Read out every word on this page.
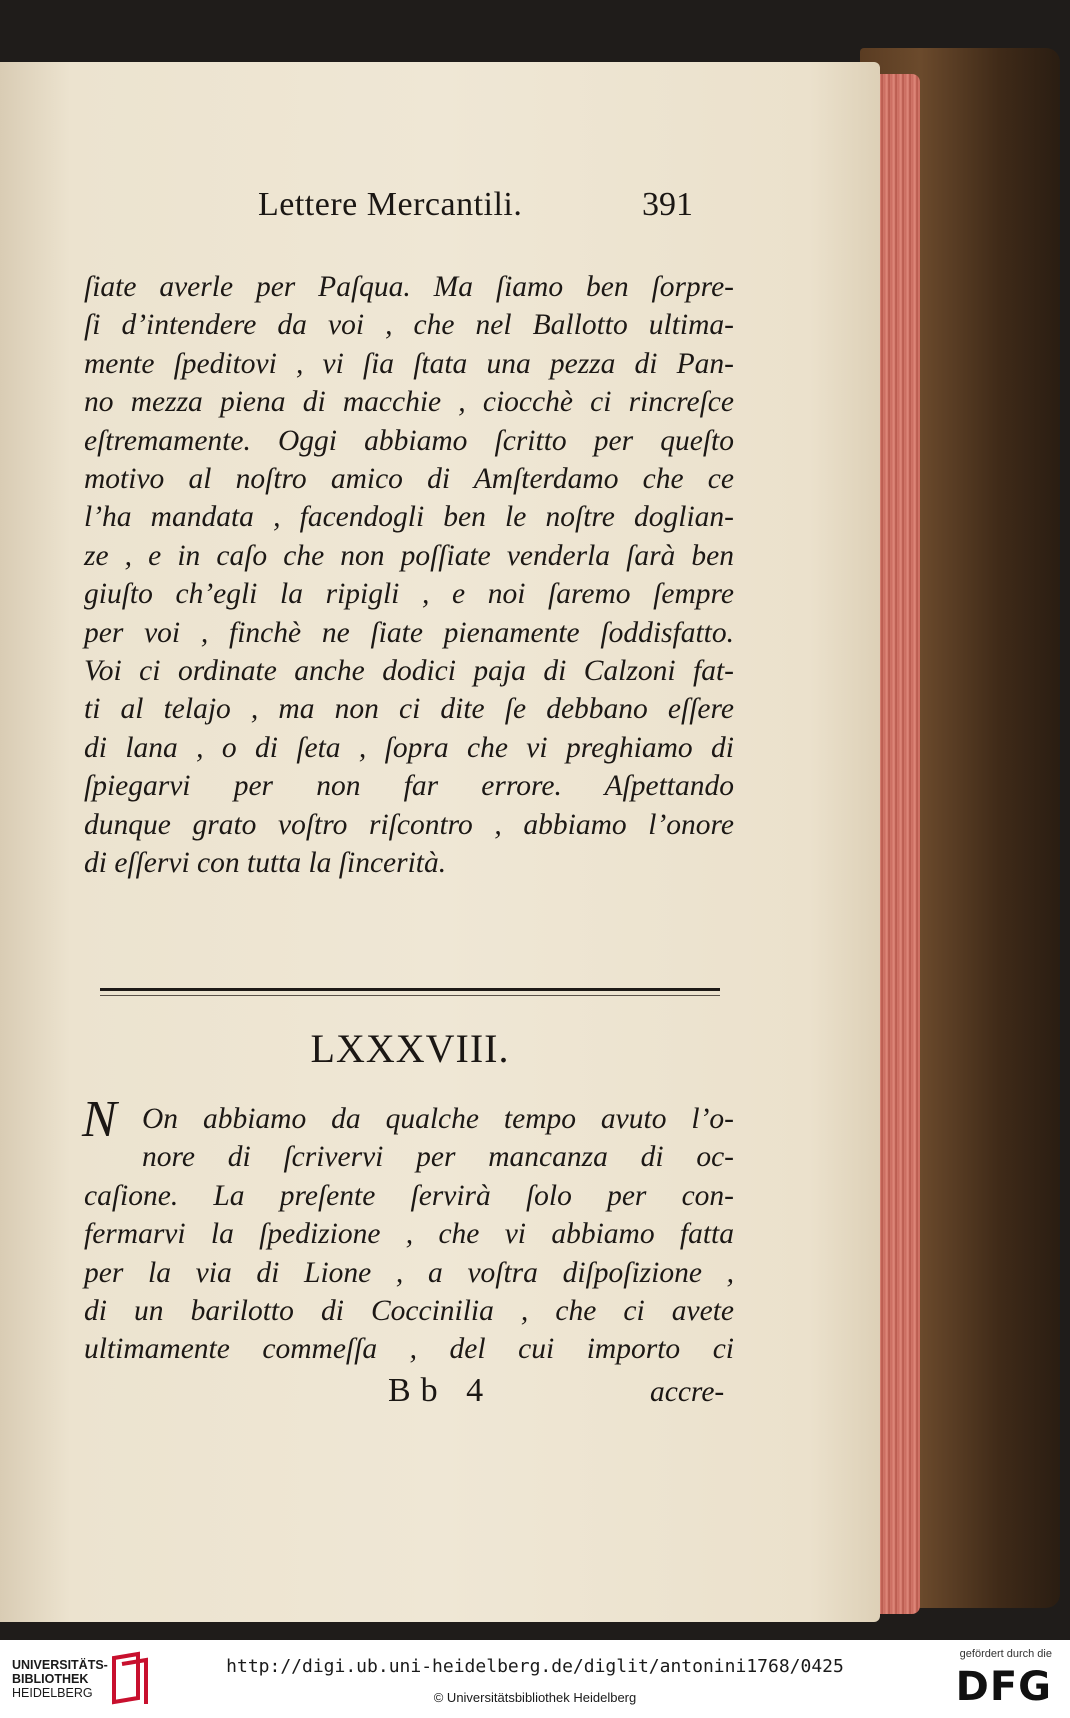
Lettere Mercantili.	391
ſiate averle per Paſqua. Ma ſiamo ben ſorpre-
ſi d’intendere da voi , che nel Ballotto ultima-
mente ſpeditovi , vi ſia ſtata una pezza di Pan-
no mezza piena di macchie , ciocchè ci rincreſce
eſtremamente. Oggi abbiamo ſcritto per queſto
motivo al noſtro amico di Amſterdamo che ce
l’ha mandata , facendogli ben le noſtre doglian-
ze , e in caſo che non poſſiate venderla ſarà ben
giuſto ch’egli la ripigli , e noi ſaremo ſempre
per voi , finchè ne ſiate pienamente ſoddisfatto.
Voi ci ordinate anche dodici paja di Calzoni fat-
ti al telajo , ma non ci dite ſe debbano eſſere
di lana , o di ſeta , ſopra che vi preghiamo di
ſpiegarvi per non far errore. Aſpettando
dunque grato voſtro riſcontro , abbiamo l’onore
di eſſervi con tutta la ſincerità.
LXXXVIII.
N On abbiamo da qualche tempo avuto l’o-
nore di ſcrivervi per mancanza di oc-
caſione. La preſente ſervirà ſolo per con-
fermarvi la ſpedizione , che vi abbiamo fatta
per la via di Lione , a voſtra diſpoſizione ,
di un barilotto di Coccinilia , che ci avete
ultimamente commeſſa , del cui importo ci
Bb 4	accre-
UNIVERSITÄTS-
BIBLIOTHEK
HEIDELBERG
http://digi.ub.uni-heidelberg.de/diglit/antonini1768/0425
© Universitätsbibliothek Heidelberg
gefördert durch die
DFG
